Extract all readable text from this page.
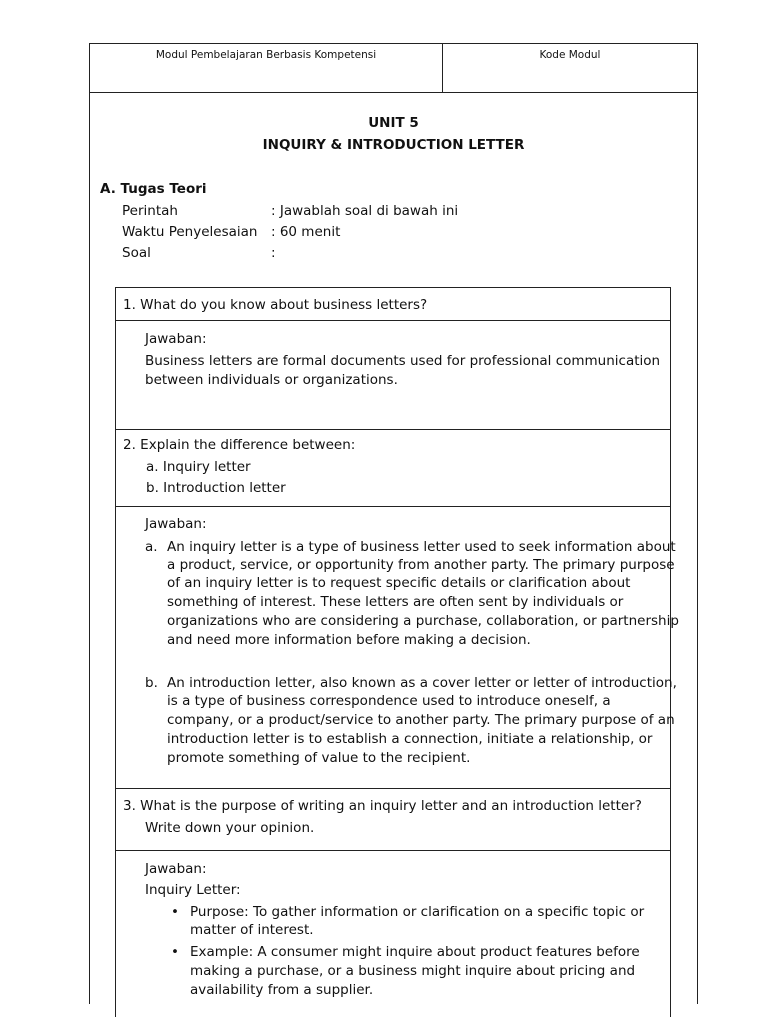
Modul Pembelajaran Berbasis Kompetensi	Kode Modul
UNIT 5
INQUIRY & INTRODUCTION LETTER
A. Tugas Teori
Perintah	: Jawablah soal di bawah ini
Waktu Penyelesaian : 60 menit
Soal	:
1. What do you know about business letters?
Jawaban:
Business letters are formal documents used for professional communication
between individuals or organizations.
2. Explain the difference between:
a. Inquiry letter
b. Introduction letter
Jawaban:
a. An inquiry letter is a type of business letter used to seek information about
a product, service, or opportunity from another party. The primary purpose
of an inquiry letter is to request specific details or clarification about
something of interest. These letters are often sent by individuals or
organizations who are considering a purchase, collaboration, or partnership
and need more information before making a decision.
b. An introduction letter, also known as a cover letter or letter of introduction,
is a type of business correspondence used to introduce oneself, a
company, or a product/service to another party. The primary purpose of an
introduction letter is to establish a connection, initiate a relationship, or
promote something of value to the recipient.
3. What is the purpose of writing an inquiry letter and an introduction letter?
Write down your opinion.
Jawaban:
Inquiry Letter:
• Purpose: To gather information or clarification on a specific topic or
matter of interest.
• Example: A consumer might inquire about product features before
making a purchase, or a business might inquire about pricing and
availability from a supplier.
